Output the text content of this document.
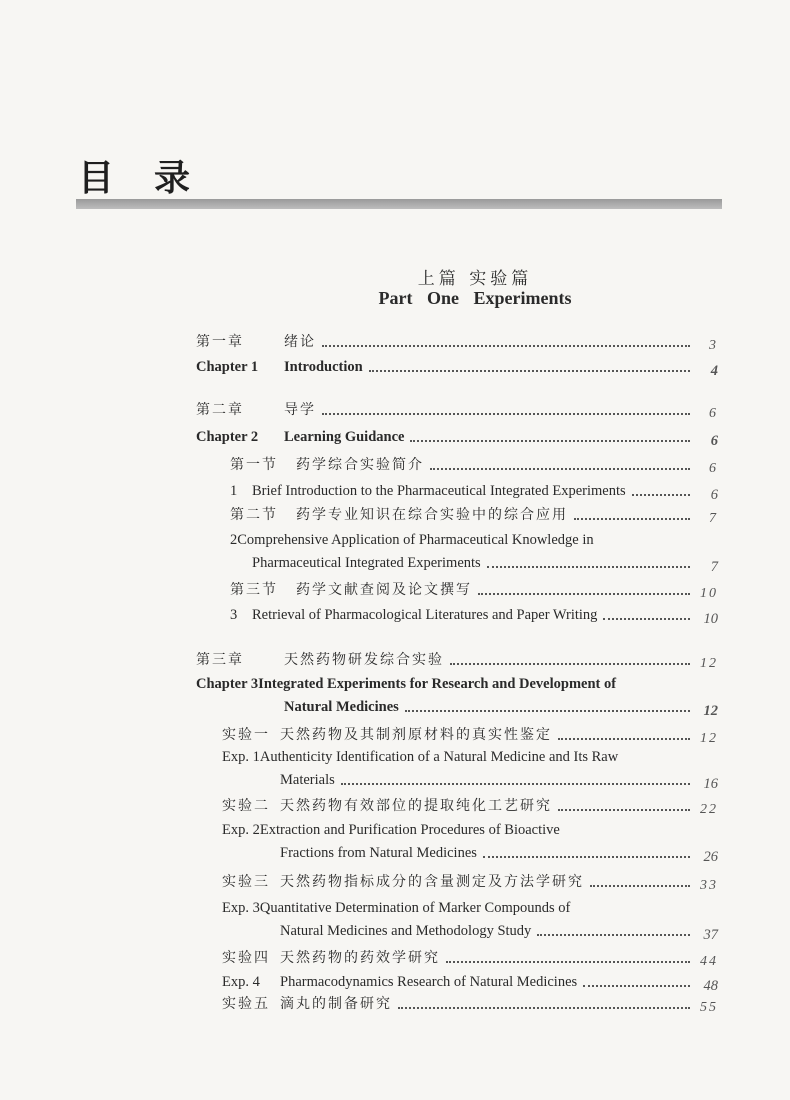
目录
上篇 实验篇
Part One Experiments
第一章	绪论	3
Chapter 1	Introduction	4
第二章	导学	6
Chapter 2	Learning Guidance	6
第一节	药学综合实验简介	6
1	Brief Introduction to the Pharmaceutical Integrated Experiments	6
第二节	药学专业知识在综合实验中的综合应用	7
2Comprehensive Application of Pharmaceutical Knowledge in
Pharmaceutical Integrated Experiments	7
第三节	药学文献查阅及论文撰写	10
3	Retrieval of Pharmacological Literatures and Paper Writing	10
第三章	天然药物研发综合实验	12
Chapter 3Integrated Experiments for Research and Development of
Natural Medicines	12
实验一 天然药物及其制剂原材料的真实性鉴定	12
Exp. 1Authenticity Identification of a Natural Medicine and Its Raw
Materials	16
实验二 天然药物有效部位的提取纯化工艺研究	22
Exp. 2Extraction and Purification Procedures of Bioactive
Fractions from Natural Medicines	26
实验三 天然药物指标成分的含量测定及方法学研究	33
Exp. 3Quantitative Determination of Marker Compounds of
Natural Medicines and Methodology Study	37
实验四 天然药物的药效学研究	44
Exp. 4	Pharmacodynamics Research of Natural Medicines	48
实验五 滴丸的制备研究	55
